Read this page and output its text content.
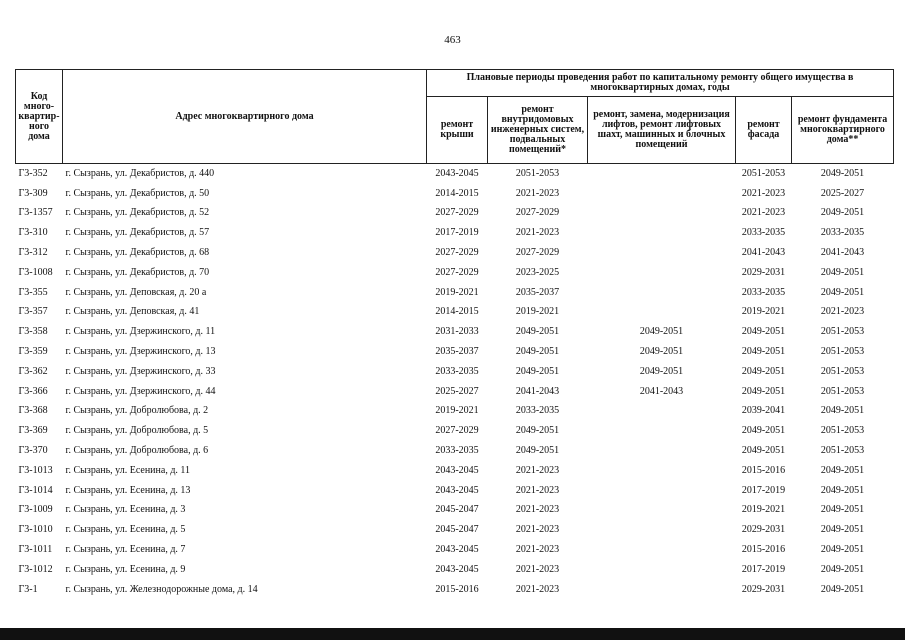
463
Код много-квартир-ного дома	Адрес многоквартирного дома	Плановые периоды проведения работ по капитальному ремонту общего имущества в многоквартирных домах, годы				
		ремонт крыши	ремонт внутридомовых инженерных систем, подвальных помещений*	ремонт, замена, модернизация лифтов, ремонт лифтовых шахт, машинных и блочных помещений	ремонт фасада	ремонт фундамента многоквартирного дома**
Г3-352	г. Сызрань, ул. Декабристов, д. 440	2043-2045	2051-2053		2051-2053	2049-2051
Г3-309	г. Сызрань, ул. Декабристов, д. 50	2014-2015	2021-2023		2021-2023	2025-2027
Г3-1357	г. Сызрань, ул. Декабристов, д. 52	2027-2029	2027-2029		2021-2023	2049-2051
Г3-310	г. Сызрань, ул. Декабристов, д. 57	2017-2019	2021-2023		2033-2035	2033-2035
Г3-312	г. Сызрань, ул. Декабристов, д. 68	2027-2029	2027-2029		2041-2043	2041-2043
Г3-1008	г. Сызрань, ул. Декабристов, д. 70	2027-2029	2023-2025		2029-2031	2049-2051
Г3-355	г. Сызрань, ул. Деповская, д. 20 а	2019-2021	2035-2037		2033-2035	2049-2051
Г3-357	г. Сызрань, ул. Деповская, д. 41	2014-2015	2019-2021		2019-2021	2021-2023
Г3-358	г. Сызрань, ул. Дзержинского, д. 11	2031-2033	2049-2051	2049-2051	2049-2051	2051-2053
Г3-359	г. Сызрань, ул. Дзержинского, д. 13	2035-2037	2049-2051	2049-2051	2049-2051	2051-2053
Г3-362	г. Сызрань, ул. Дзержинского, д. 33	2033-2035	2049-2051	2049-2051	2049-2051	2051-2053
Г3-366	г. Сызрань, ул. Дзержинского, д. 44	2025-2027	2041-2043	2041-2043	2049-2051	2051-2053
Г3-368	г. Сызрань, ул. Добролюбова, д. 2	2019-2021	2033-2035		2039-2041	2049-2051
Г3-369	г. Сызрань, ул. Добролюбова, д. 5	2027-2029	2049-2051		2049-2051	2051-2053
Г3-370	г. Сызрань, ул. Добролюбова, д. 6	2033-2035	2049-2051		2049-2051	2051-2053
Г3-1013	г. Сызрань, ул. Есенина, д. 11	2043-2045	2021-2023		2015-2016	2049-2051
Г3-1014	г. Сызрань, ул. Есенина, д. 13	2043-2045	2021-2023		2017-2019	2049-2051
Г3-1009	г. Сызрань, ул. Есенина, д. 3	2045-2047	2021-2023		2019-2021	2049-2051
Г3-1010	г. Сызрань, ул. Есенина, д. 5	2045-2047	2021-2023		2029-2031	2049-2051
Г3-1011	г. Сызрань, ул. Есенина, д. 7	2043-2045	2021-2023		2015-2016	2049-2051
Г3-1012	г. Сызрань, ул. Есенина, д. 9	2043-2045	2021-2023		2017-2019	2049-2051
Г3-1	г. Сызрань, ул. Железнодорожные дома, д. 14	2015-2016	2021-2023		2029-2031	2049-2051
